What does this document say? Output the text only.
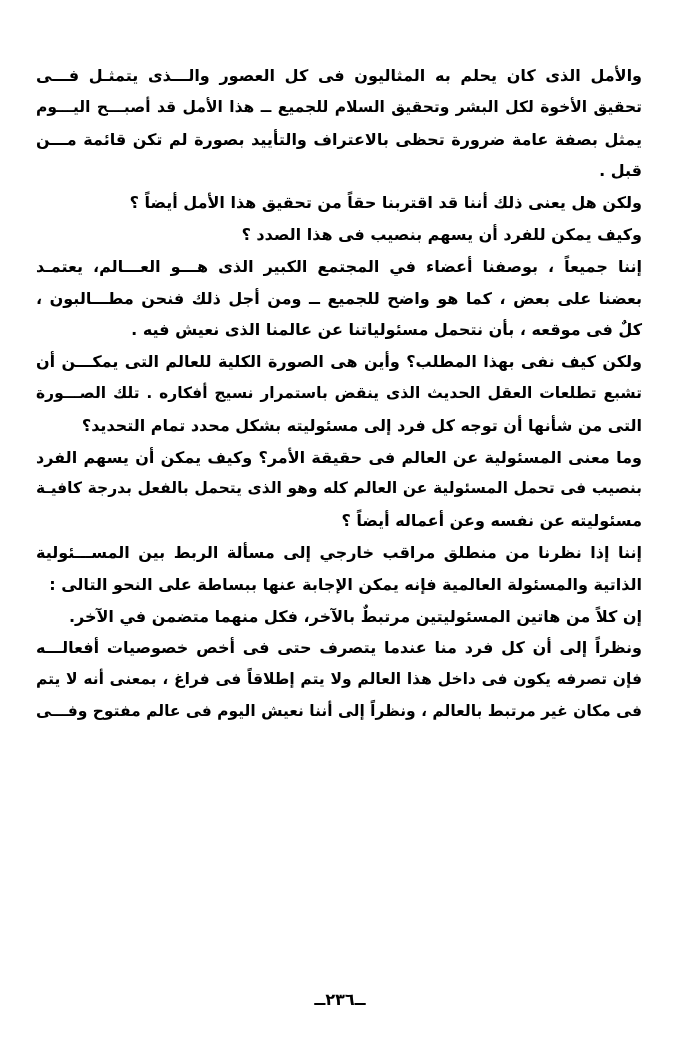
والأمل الذى كان يحلم به المثاليون فى كل العصور والـــذى يتمثـل فـــى
تحقيق الأخوة لكل البشر وتحقيق السلام للجميع ــ هذا الأمل قد أصبـــح اليـــوم
يمثل بصفة عامة ضرورة تحظى بالاعتراف والتأييد بصورة لم تكن قائمة مـــن
قبل .
ولكن هل يعنى ذلك أننا قد اقتربنا حقاً من تحقيق هذا الأمل أيضاً ؟
وكيف يمكن للفرد أن يسهم بنصيب فى هذا الصدد ؟
إننا جميعاً ، بوصفنا أعضاء في المجتمع الكبير الذى هـــو العـــالم، يعتمـد
بعضنا على بعض ، كما هو واضح للجميع ــ ومن أجل ذلك فنحن مطـــالبون ،
كلٌ فى موقعه ، بأن نتحمل مسئولياتنا عن عالمنا الذى نعيش فيه .
ولكن كيف نفى بهذا المطلب؟ وأين هى الصورة الكلية للعالم التى يمكـــن أن
تشبع تطلعات العقل الحديث الذى ينقض باستمرار نسيج أفكاره . تلك الصـــورة
التى من شأنها أن توجه كل فرد إلى مسئوليته بشكل محدد تمام التحديد؟
وما معنى المسئولية عن العالم فى حقيقة الأمر؟ وكيف يمكن أن يسهم الفرد
بنصيب فى تحمل المسئولية عن العالم كله وهو الذى يتحمل بالفعل بدرجة كافيـة
مسئوليته عن نفسه وعن أعماله أيضاً ؟
إننا إذا نظرنا من منطلق مراقب خارجي إلى مسألة الربط بين المســـئولية
الذاتية والمسئولة العالمية فإنه يمكن الإجابة عنها ببساطة على النحو التالى :
إن كلاً من هاتين المسئوليتين مرتبطٌ بالآخر، فكل منهما متضمن في الآخر.
ونظراً إلى أن كل فرد منا عندما يتصرف حتى فى أخص خصوصيات أفعالـــه
فإن تصرفه يكون فى داخل هذا العالم ولا يتم إطلاقاً فى فراغ ، بمعنى أنه لا يتم
فى مكان غير مرتبط بالعالم ، ونظراً إلى أننا نعيش اليوم فى عالم مفتوح وفـــى
ــ٢٣٦ــ
